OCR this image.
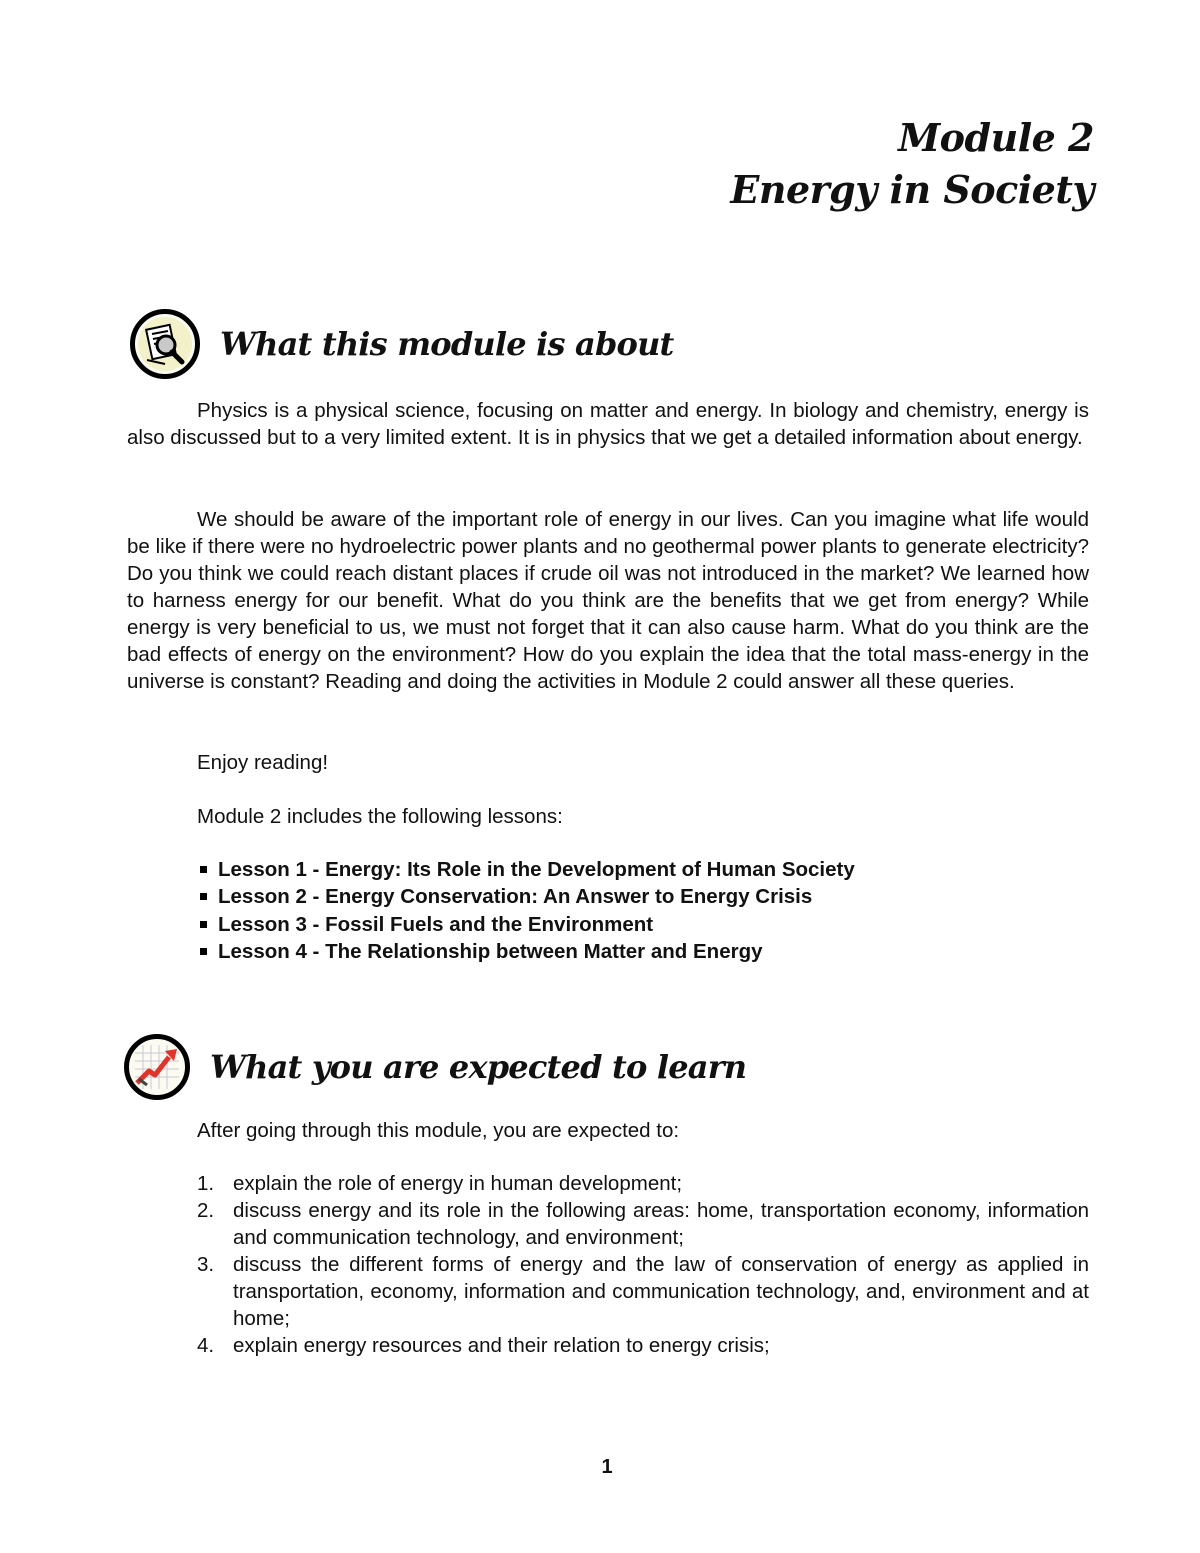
Module 2
Energy in Society
What this module is about

Physics is a physical science, focusing on matter and energy. In biology and chemistry, energy is also discussed but to a very limited extent. It is in physics that we get a detailed information about energy.

We should be aware of the important role of energy in our lives. Can you imagine what life would be like if there were no hydroelectric power plants and no geothermal power plants to generate electricity? Do you think we could reach distant places if crude oil was not introduced in the market? We learned how to harness energy for our benefit. What do you think are the benefits that we get from energy? While energy is very beneficial to us, we must not forget that it can also cause harm. What do you think are the bad effects of energy on the environment? How do you explain the idea that the total mass-energy in the universe is constant? Reading and doing the activities in Module 2 could answer all these queries.

Enjoy reading!

Module 2 includes the following lessons:

Lesson 1 - Energy: Its Role in the Development of Human Society
Lesson 2 - Energy Conservation: An Answer to Energy Crisis
Lesson 3 - Fossil Fuels and the Environment
Lesson 4 - The Relationship between Matter and Energy
What you are expected to learn

After going through this module, you are expected to:

1. explain the role of energy in human development;
2. discuss energy and its role in the following areas: home, transportation economy, information and communication technology, and environment;
3. discuss the different forms of energy and the law of conservation of energy as applied in transportation, economy, information and communication technology, and, environment and at home;
4. explain energy resources and their relation to energy crisis;
1
